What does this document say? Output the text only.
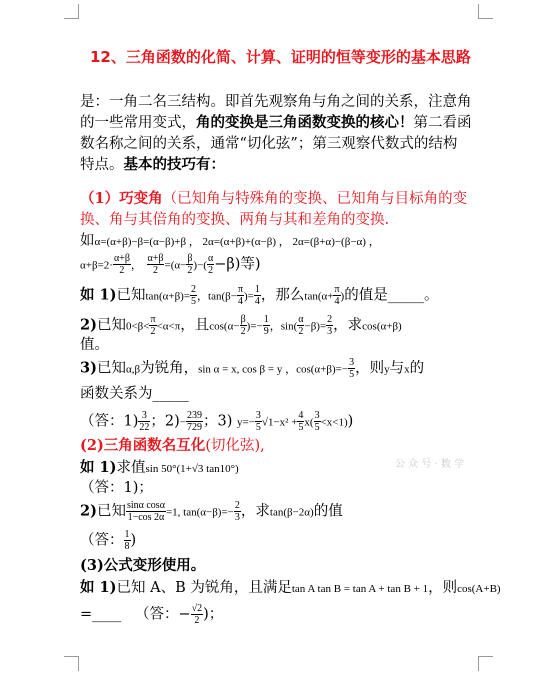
12、三角函数的化简、计算、证明的恒等变形的基本思路
是：一角二名三结构。即首先观察角与角之间的关系，注意角
的一些常用变式，角的变换是三角函数变换的核心！第二看函
数名称之间的关系，通常“切化弦”；第三观察代数式的结构
特点。基本的技巧有：
（1）巧变角（已知角与特殊角的变换、已知角与目标角的变
换、角与其倍角的变换、两角与其和差角的变换.
如α=(α+β)−β=(α−β)+β ， 2α=(α+β)+(α−β) ， 2α=(β+α)−(β−α) ，
$\alpha+\beta=2\cdot \frac{\alpha+\beta}{2}$ ， $\frac{\alpha+\beta}{2} =(\alpha- \frac{\beta}{2}$ )−( $\frac{\alpha}{2} -\beta$)等)
如 1)已知$\tan(\alpha+\beta)= \frac{2}{5}$ ，$\tan(\beta- \frac{\pi}{4}$ )= $\frac{1}{4}$ ，那么$\tan(\alpha+ \frac{\pi}{4}$ )的值是_____。
2)已知$0<\beta< \frac{\pi}{2} <\alpha<\pi$，且$\cos(\alpha- \frac{\beta}{2}$ )=− $\frac{1}{9}$ ，$\sin( \frac{\alpha}{2} -\beta)= \frac{2}{3}$ ，求cos(α+β)
值。
3)已知α,β为锐角，sin α = x, cos β = y ，$\cos(\alpha+\beta)=- \frac{3}{5}$ ，则y与x的
函数关系为_____
（答：$1) \frac{3}{22}$ ；$2)- \frac{239}{729}$ ；3) $y=- \frac{3}{5} √1-x^2 + \frac{4}{5} x( \frac{3}{5} <x<1)$)
(2)三角函数名互化(切化弦),
如 1)求值sin 50°(1+√3 tan10°)
（答：1)；
2)已知 $\frac{\text{sinα cosα}}{1-\cos 2\alpha} =1$, $\tan(\alpha-\beta)=- \frac{2}{3}$ ，求tan(β−2α)的值
（答： $\frac{1}{8}$ )
(3)公式变形使用。
如 1)已知 A、B 为锐角，且满足tan A tan B = tan A + tan B + 1，则cos(A+B)
=____ （答：− $\frac{√2}{2}$ )；
公 众 号 · 数 学
